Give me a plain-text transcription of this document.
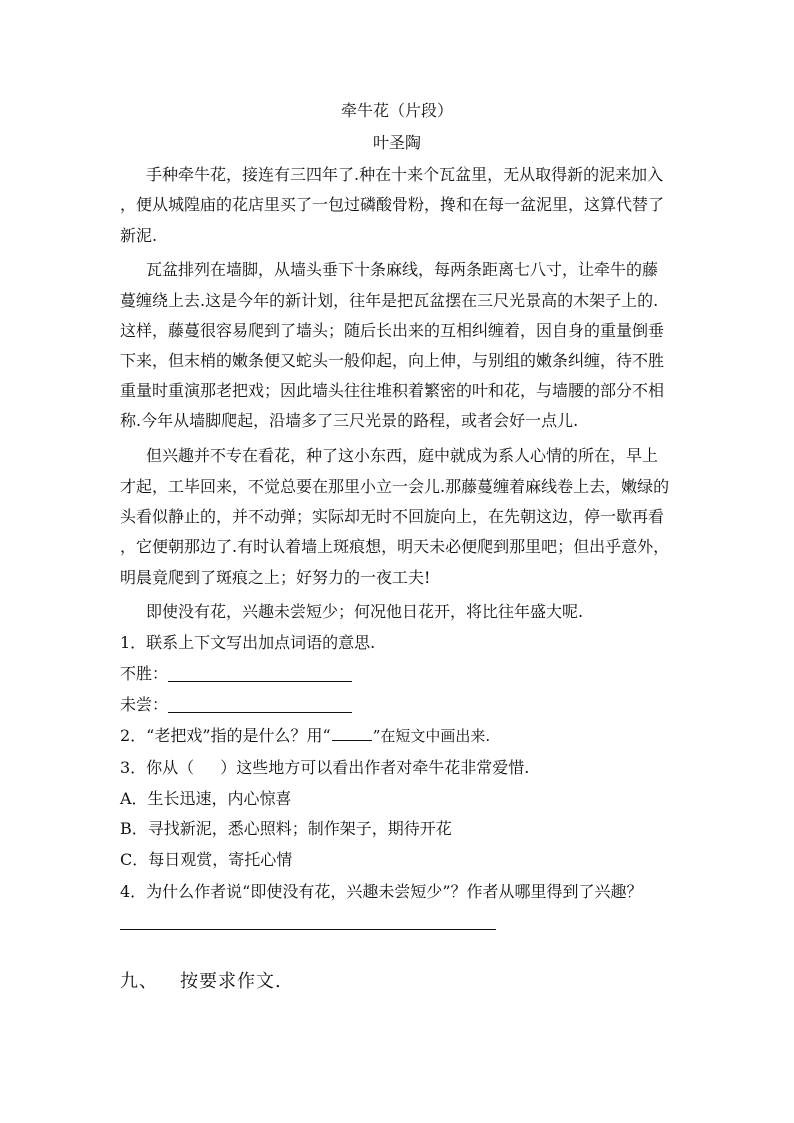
牵牛花（片段）
叶圣陶
手种牵牛花，接连有三四年了.种在十来个瓦盆里，无从取得新的泥来加入
，便从城隍庙的花店里买了一包过磷酸骨粉，搀和在每一盆泥里，这算代替了
新泥.
瓦盆排列在墙脚，从墙头垂下十条麻线，每两条距离七八寸，让牵牛的藤
蔓缠绕上去.这是今年的新计划，往年是把瓦盆摆在三尺光景高的木架子上的.
这样，藤蔓很容易爬到了墙头；随后长出来的互相纠缠着，因自身的重量倒垂
下来，但末梢的嫩条便又蛇头一般仰起，向上伸，与别组的嫩条纠缠，待不胜
重量时重演那老把戏；因此墙头往往堆积着繁密的叶和花，与墙腰的部分不相
称.今年从墙脚爬起，沿墙多了三尺光景的路程，或者会好一点儿.
但兴趣并不专在看花，种了这小东西，庭中就成为系人心情的所在，早上
才起，工毕回来，不觉总要在那里小立一会儿.那藤蔓缠着麻线卷上去，嫩绿的
头看似静止的，并不动弹；实际却无时不回旋向上，在先朝这边，停一歇再看
，它便朝那边了.有时认着墙上斑痕想，明天未必便爬到那里吧；但出乎意外，
明晨竟爬到了斑痕之上；好努力的一夜工夫!
即使没有花，兴趣未尝短少；何况他日花开，将比往年盛大呢.
1．联系上下文写出加点词语的意思.
不胜：
未尝：
2．“老把戏”指的是什么？用“	”在短文中画出来.
3．你从（ ）这些地方可以看出作者对牵牛花非常爱惜.
A．生长迅速，内心惊喜
B．寻找新泥，悉心照料；制作架子，期待开花
C．每日观赏，寄托心情
4．为什么作者说“即使没有花，兴趣未尝短少”？作者从哪里得到了兴趣？
九、 按要求作文.
